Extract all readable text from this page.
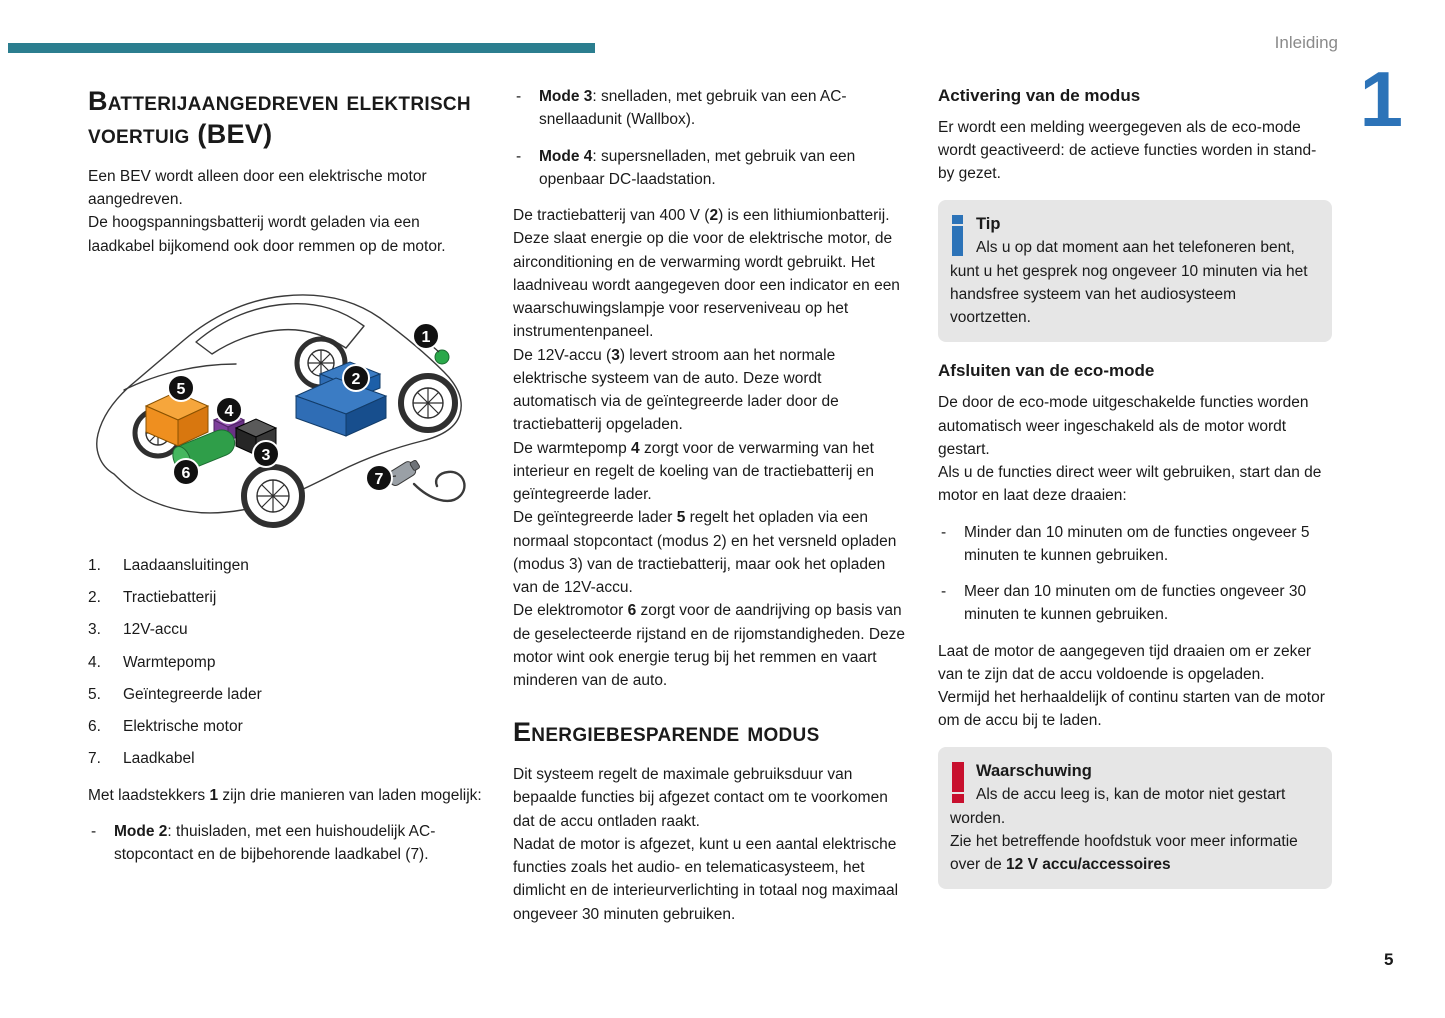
Inleiding
1
Batterijaangedreven elektrisch voertuig (BEV)

Een BEV wordt alleen door een elektrische motor aangedreven.

De hoogspanningsbatterij wordt geladen via een laadkabel bijkomend ook door remmen op de motor.

1
2
3
4
5
6	7
1.	Laadaansluitingen
2.	Tractiebatterij
3.	12V-accu
4.	Warmtepomp
5.	Geïntegreerde lader
6.	Elektrische motor
7.	Laadkabel

Met laadstekkers 1 zijn drie manieren van laden mogelijk:

-	Mode 2: thuisladen, met een huishoudelijk AC-stopcontact en de bijbehorende laadkabel (7).
-	Mode 3: snelladen, met gebruik van een AC-snellaadunit (Wallbox).
-	Mode 4: supersnelladen, met gebruik van een openbaar DC-laadstation.

De tractiebatterij van 400 V (2) is een lithiumionbatterij. Deze slaat energie op die voor de elektrische motor, de airconditioning en de verwarming wordt gebruikt. Het laadniveau wordt aangegeven door een indicator en een waarschuwingslampje voor reserveniveau op het instrumentenpaneel.

De 12V-accu (3) levert stroom aan het normale elektrische systeem van de auto. Deze wordt automatisch via de geïntegreerde lader door de tractiebatterij opgeladen.

De warmtepomp 4 zorgt voor de verwarming van het interieur en regelt de koeling van de tractiebatterij en geïntegreerde lader.

De geïntegreerde lader 5 regelt het opladen via een normaal stopcontact (modus 2) en het versneld opladen (modus 3) van de tractiebatterij, maar ook het opladen van de 12V-accu.

De elektromotor 6 zorgt voor de aandrijving op basis van de geselecteerde rijstand en de rijomstandigheden. Deze motor wint ook energie terug bij het remmen en vaart minderen van de auto.

Energiebesparende modus

Dit systeem regelt de maximale gebruiksduur van bepaalde functies bij afgezet contact om te voorkomen dat de accu ontladen raakt.

Nadat de motor is afgezet, kunt u een aantal elektrische functies zoals het audio- en telematicasysteem, het dimlicht en de interieurverlichting in totaal nog maximaal ongeveer 30 minuten gebruiken.

Activering van de modus

Er wordt een melding weergegeven als de eco-mode wordt geactiveerd: de actieve functies worden in stand-by gezet.

Tip
Als u op dat moment aan het telefoneren bent, kunt u het gesprek nog ongeveer 10 minuten via het handsfree systeem van het audiosysteem voortzetten.

Afsluiten van de eco-mode

De door de eco-mode uitgeschakelde functies worden automatisch weer ingeschakeld als de motor wordt gestart.

Als u de functies direct weer wilt gebruiken, start dan de motor en laat deze draaien:

-	Minder dan 10 minuten om de functies ongeveer 5 minuten te kunnen gebruiken.
-	Meer dan 10 minuten om de functies ongeveer 30 minuten te kunnen gebruiken.

Laat de motor de aangegeven tijd draaien om er zeker van te zijn dat de accu voldoende is opgeladen.

Vermijd het herhaaldelijk of continu starten van de motor om de accu bij te laden.

Waarschuwing
Als de accu leeg is, kan de motor niet gestart worden.
Zie het betreffende hoofdstuk voor meer informatie over de 12 V accu/accessoires

5
